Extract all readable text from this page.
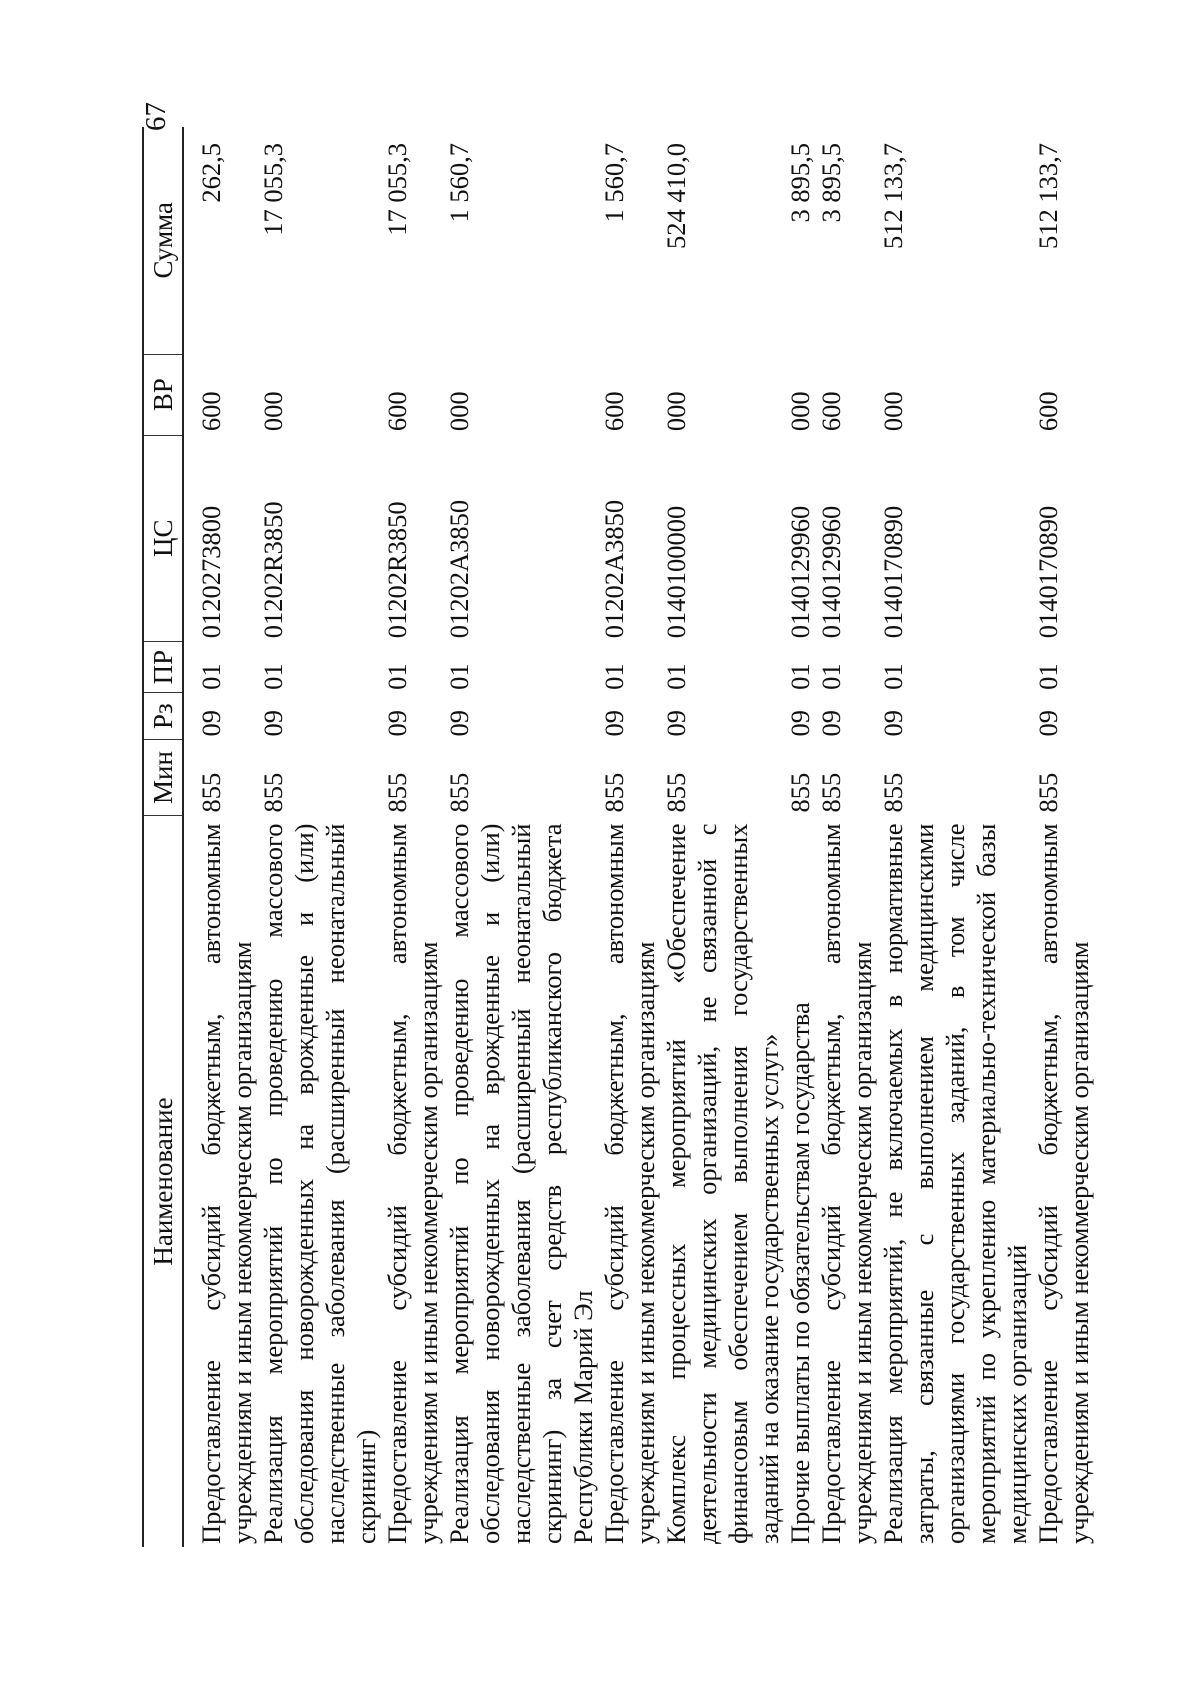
67
Наименование	Мин	Рз	ПР	ЦС	ВР	Сумма
Предоставление субсидий бюджетным, автономным учреждениям и иным некоммерческим организациям	855	09	01	0120273800	600	262,5
Реализация мероприятий по проведению массового обследования новорожденных на врожденные и (или) наследственные заболевания (расширенный неонатальный скрининг)	855	09	01	01202R3850	000	17 055,3
Предоставление субсидий бюджетным, автономным учреждениям и иным некоммерческим организациям	855	09	01	01202R3850	600	17 055,3
Реализация мероприятий по проведению массового обследования новорожденных на врожденные и (или) наследственные заболевания (расширенный неонатальный скрининг) за счет средств республиканского бюджета Республики Марий Эл	855	09	01	01202A3850	000	1 560,7
Предоставление субсидий бюджетным, автономным учреждениям и иным некоммерческим организациям	855	09	01	01202A3850	600	1 560,7
Комплекс процессных мероприятий «Обеспечение деятельности медицинских организаций, не связанной с финансовым обеспечением выполнения государственных заданий на оказание государственных услуг»	855	09	01	0140100000	000	524 410,0
Прочие выплаты по обязательствам государства	855	09	01	0140129960	000	3 895,5
Предоставление субсидий бюджетным, автономным учреждениям и иным некоммерческим организациям	855	09	01	0140129960	600	3 895,5
Реализация мероприятий, не включаемых в нормативные затраты, связанные с выполнением медицинскими организациями государственных заданий, в том числе мероприятий по укреплению материально-технической базы медицинских организаций	855	09	01	0140170890	000	512 133,7
Предоставление субсидий бюджетным, автономным учреждениям и иным некоммерческим организациям	855	09	01	0140170890	600	512 133,7
